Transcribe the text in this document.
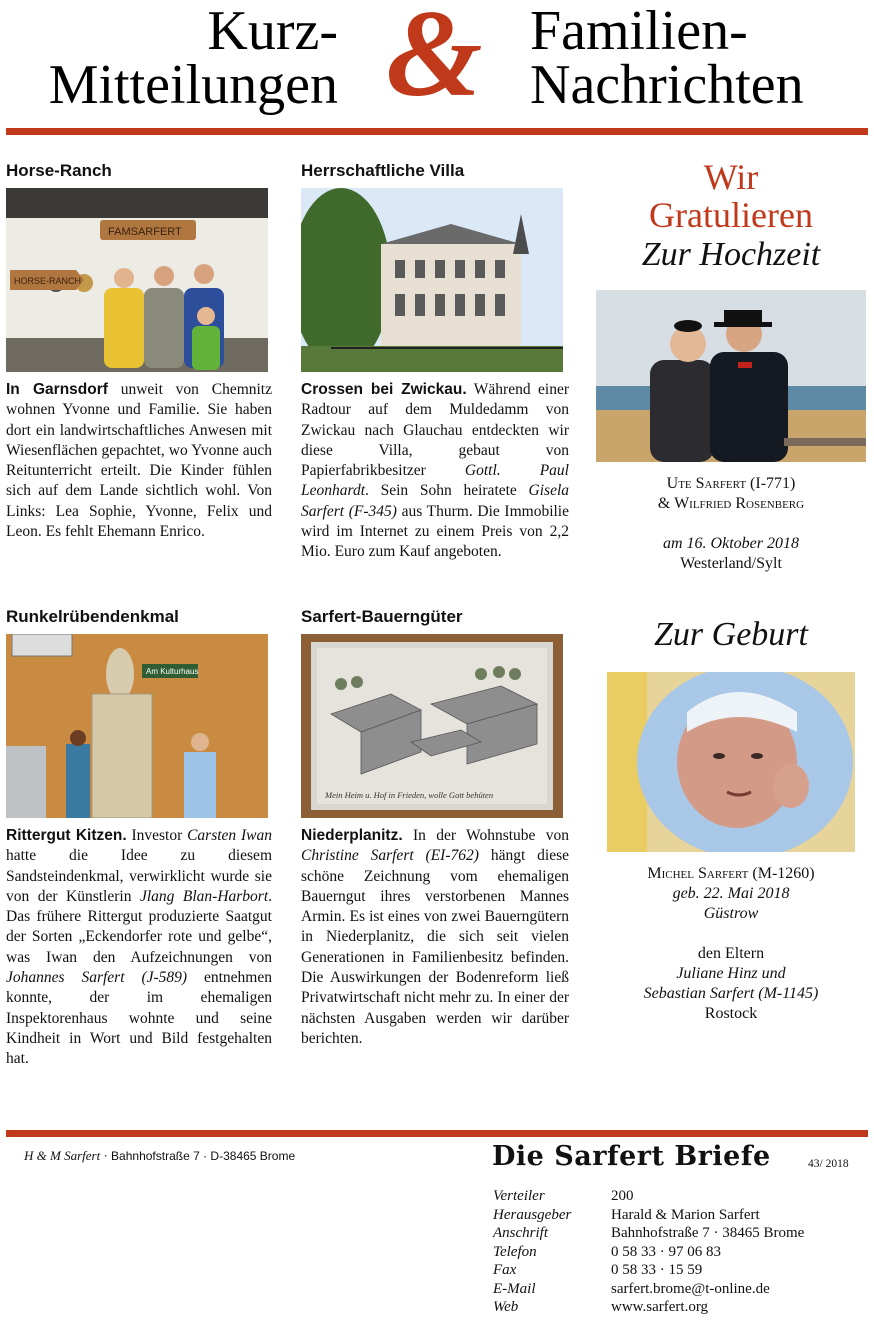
Kurz-
Mitteilungen & Familien-
Nachrichten
Horse-Ranch
FAMSARFERT
HORSE-RANCH

In Garnsdorf unweit von Chemnitz wohnen Yvonne und Familie. Sie haben dort ein landwirtschaftliches Anwesen mit Wiesenflächen gepachtet, wo Yvonne auch Reitunterricht erteilt. Die Kinder fühlen sich auf dem Lande sichtlich wohl. Von Links: Lea Sophie, Yvonne, Felix und Leon. Es fehlt Ehemann Enrico.

Runkelrübendenkmal
Am Kulturhaus

Rittergut Kitzen. Investor Carsten Iwan hatte die Idee zu diesem Sandsteindenkmal, verwirklicht wurde sie von der Künstlerin Jlang Blan-Harbort. Das frühere Rittergut produzierte Saatgut der Sorten „Eckendorfer rote und gelbe“, was Iwan den Aufzeichnungen von Johannes Sarfert (J-589) entnehmen konnte, der im ehemaligen Inspektorenhaus wohnte und seine Kindheit in Wort und Bild festgehalten hat.

Herrschaftliche Villa

Crossen bei Zwickau. Während einer Radtour auf dem Muldedamm von Zwickau nach Glauchau entdeckten wir diese Villa, gebaut von Papierfabrikbesitzer Gottl. Paul Leonhardt. Sein Sohn heiratete Gisela Sarfert (F-345) aus Thurm. Die Immobilie wird im Internet zu einem Preis von 2,2 Mio. Euro zum Kauf angeboten.

Sarfert-Bauerngüter
Mein Heim u. Hof in Frieden, wolle Gott behüten

Niederplanitz. In der Wohnstube von Christine Sarfert (EI-762) hängt diese schöne Zeichnung vom ehemaligen Bauerngut ihres verstorbenen Mannes Armin. Es ist eines von zwei Bauerngütern in Niederplanitz, die sich seit vielen Generationen in Familienbesitz befinden. Die Auswirkungen der Bodenreform ließ Privatwirtschaft nicht mehr zu. In einer der nächsten Ausgaben werden wir darüber berichten.

Wir
Gratulieren
Zur Hochzeit
Ute Sarfert (I-771)
& Wilfried Rosenberg
am 16. Oktober 2018
Westerland/Sylt
Zur Geburt
Michel Sarfert (M-1260)
geb. 22. Mai 2018
Güstrow
den Eltern
Juliane Hinz und
Sebastian Sarfert (M-1145)
Rostock
H & M Sarfert · Bahnhofstraße 7 · D-38465 Brome	Die Sarfert Briefe	43/ 2018
Verteiler	200
Herausgeber	Harald & Marion Sarfert
Anschrift	Bahnhofstraße 7 · 38465 Brome
Telefon	0 58 33 · 97 06 83
Fax	0 58 33 · 15 59
E-Mail	sarfert.brome@t-online.de
Web	www.sarfert.org
